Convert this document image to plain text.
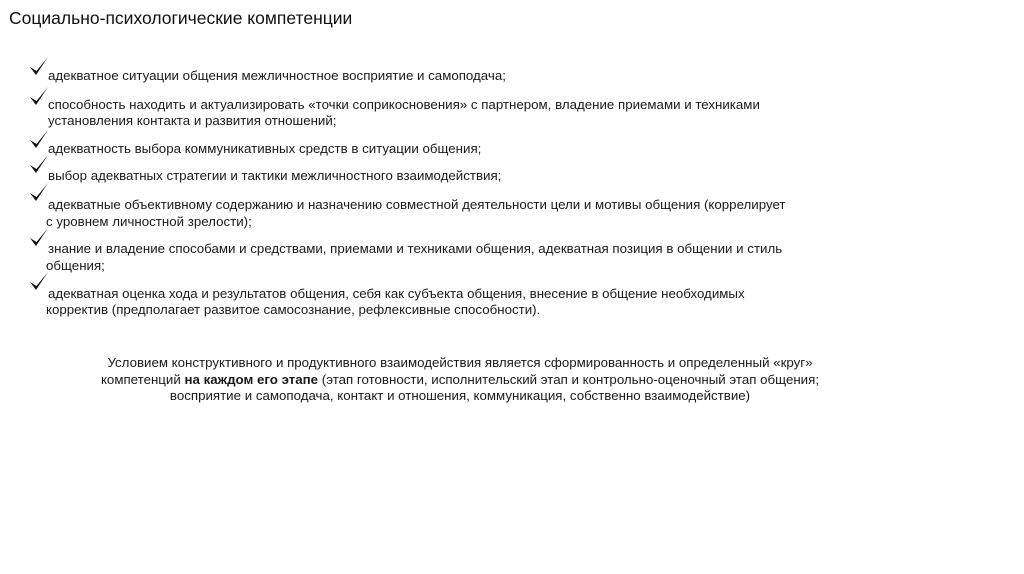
Социально-психологические компетенции
адекватное ситуации общения межличностное восприятие и самоподача;
способность находить и актуализировать «точки соприкосновения» с партнером, владение приемами и техниками
установления контакта и развития отношений;
адекватность выбора коммуникативных средств в ситуации общения;
выбор адекватных стратегии и тактики межличностного взаимодействия;
адекватные объективному содержанию и назначению совместной деятельности цели и мотивы общения (коррелирует
с уровнем личностной зрелости);
знание и владение способами и средствами, приемами и техниками общения, адекватная позиция в общении и стиль
общения;
адекватная оценка хода и результатов общения, себя как субъекта общения, внесение в общение необходимых
корректив (предполагает развитое самосознание, рефлексивные способности).
Условием конструктивного и продуктивного взаимодействия является сформированность и определенный «круг»
компетенций на каждом его этапе (этап готовности, исполнительский этап и контрольно-оценочный этап общения;
восприятие и самоподача, контакт и отношения, коммуникация, собственно взаимодействие)
